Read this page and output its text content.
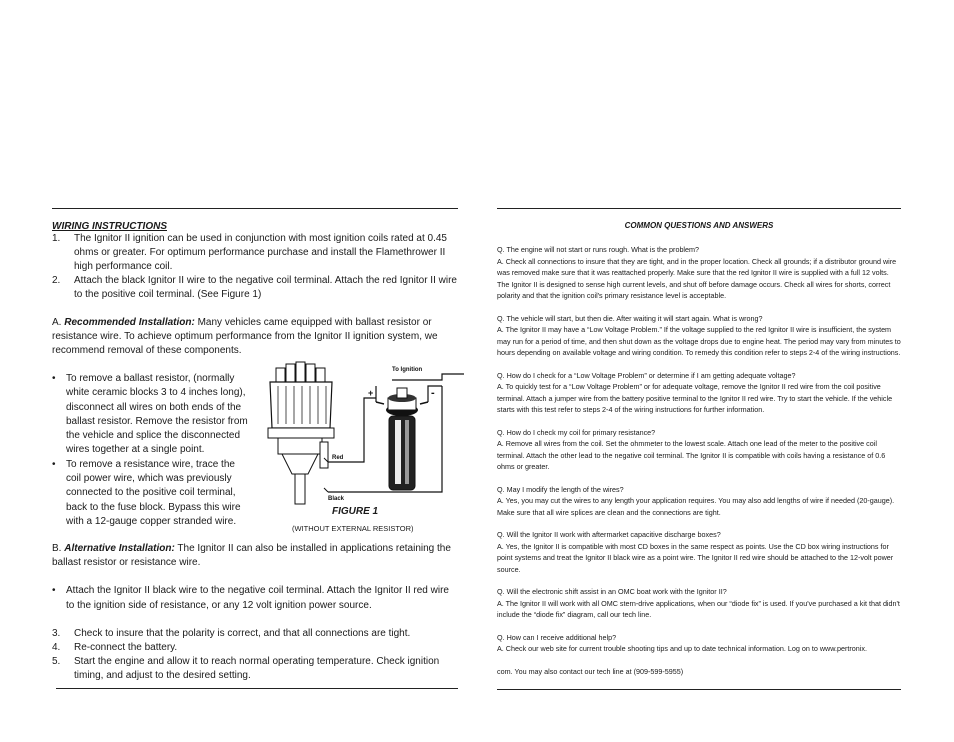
WIRING INSTRUCTIONS
1. The Ignitor II ignition can be used in conjunction with most ignition coils rated at 0.45 ohms or greater. For optimum performance purchase and install the Flamethrower II high performance coil.
2. Attach the black Ignitor II wire to the negative coil terminal. Attach the red Ignitor II wire to the positive coil terminal. (See Figure 1)
A. Recommended Installation: Many vehicles came equipped with ballast resistor or resistance wire. To achieve optimum performance from the Ignitor II ignition system, we recommend removal of these components.
• To remove a ballast resistor, (normally white ceramic blocks 3 to 4 inches long), disconnect all wires on both ends of the ballast resistor. Remove the resistor from the vehicle and splice the disconnected wires together at a single point.
• To remove a resistance wire, trace the coil power wire, which was previously connected to the positive coil terminal, back to the fuse block. Bypass this wire with a 12-gauge copper stranded wire.
B. Alternative Installation: The Ignitor II can also be installed in applications retaining the ballast resistor or resistance wire.
• Attach the Ignitor II black wire to the negative coil terminal. Attach the Ignitor II red wire to the ignition side of resistance, or any 12 volt ignition power source.
3. Check to insure that the polarity is correct, and that all connections are tight.
4. Re-connect the battery.
5. Start the engine and allow it to reach normal operating temperature. Check ignition timing, and adjust to the desired setting.
To Ignition
+	-
Red
Black
FIGURE 1
(WITHOUT EXTERNAL RESISTOR)
COMMON QUESTIONS AND ANSWERS
Q. The engine will not start or runs rough. What is the problem?
A. Check all connections to insure that they are tight, and in the proper location. Check all grounds; if a distributor ground wire was removed make sure that it was reattached properly. Make sure that the red Ignitor II wire is supplied with a full 12 volts. The Ignitor II is designed to sense high current levels, and shut off before damage occurs. Check all wires for shorts, correct polarity and that the ignition coil's primary resistance level is acceptable.
Q. The vehicle will start, but then die. After waiting it will start again. What is wrong?
A. The Ignitor II may have a “Low Voltage Problem.” If the voltage supplied to the red Ignitor II wire is insufficient, the system may run for a period of time, and then shut down as the voltage drops due to engine heat. The period may vary from minutes to hours depending on available voltage and wiring condition. To remedy this condition refer to steps 2-4 of the wiring instructions.
Q. How do I check for a “Low Voltage Problem” or determine if I am getting adequate voltage?
A. To quickly test for a “Low Voltage Problem” or for adequate voltage, remove the Ignitor II red wire from the coil positive terminal. Attach a jumper wire from the battery positive terminal to the Ignitor II red wire. Try to start the vehicle. If the vehicle starts with this test refer to steps 2-4 of the wiring instructions for further information.
Q. How do I check my coil for primary resistance?
A. Remove all wires from the coil. Set the ohmmeter to the lowest scale. Attach one lead of the meter to the positive coil terminal. Attach the other lead to the negative coil terminal. The Ignitor II is compatible with coils having a resistance of 0.6 ohms or greater.
Q. May I modify the length of the wires?
A. Yes, you may cut the wires to any length your application requires. You may also add lengths of wire if needed (20-gauge). Make sure that all wire splices are clean and the connections are tight.
Q. Will the Ignitor II work with aftermarket capacitive discharge boxes?
A. Yes, the Ignitor II is compatible with most CD boxes in the same respect as points. Use the CD box wiring instructions for point systems and treat the Ignitor II black wire as a point wire. The Ignitor II red wire should be attached to the 12-volt power source.
Q. Will the electronic shift assist in an OMC boat work with the Ignitor II?
A. The Ignitor II will work with all OMC stern-drive applications, when our “diode fix” is used. If you've purchased a kit that didn't include the “diode fix” diagram, call our tech line.
Q. How can I receive additional help?
A. Check our web site for current trouble shooting tips and up to date technical information. Log on to www.pertronix.
com. You may also contact our tech line at (909-599-5955)
